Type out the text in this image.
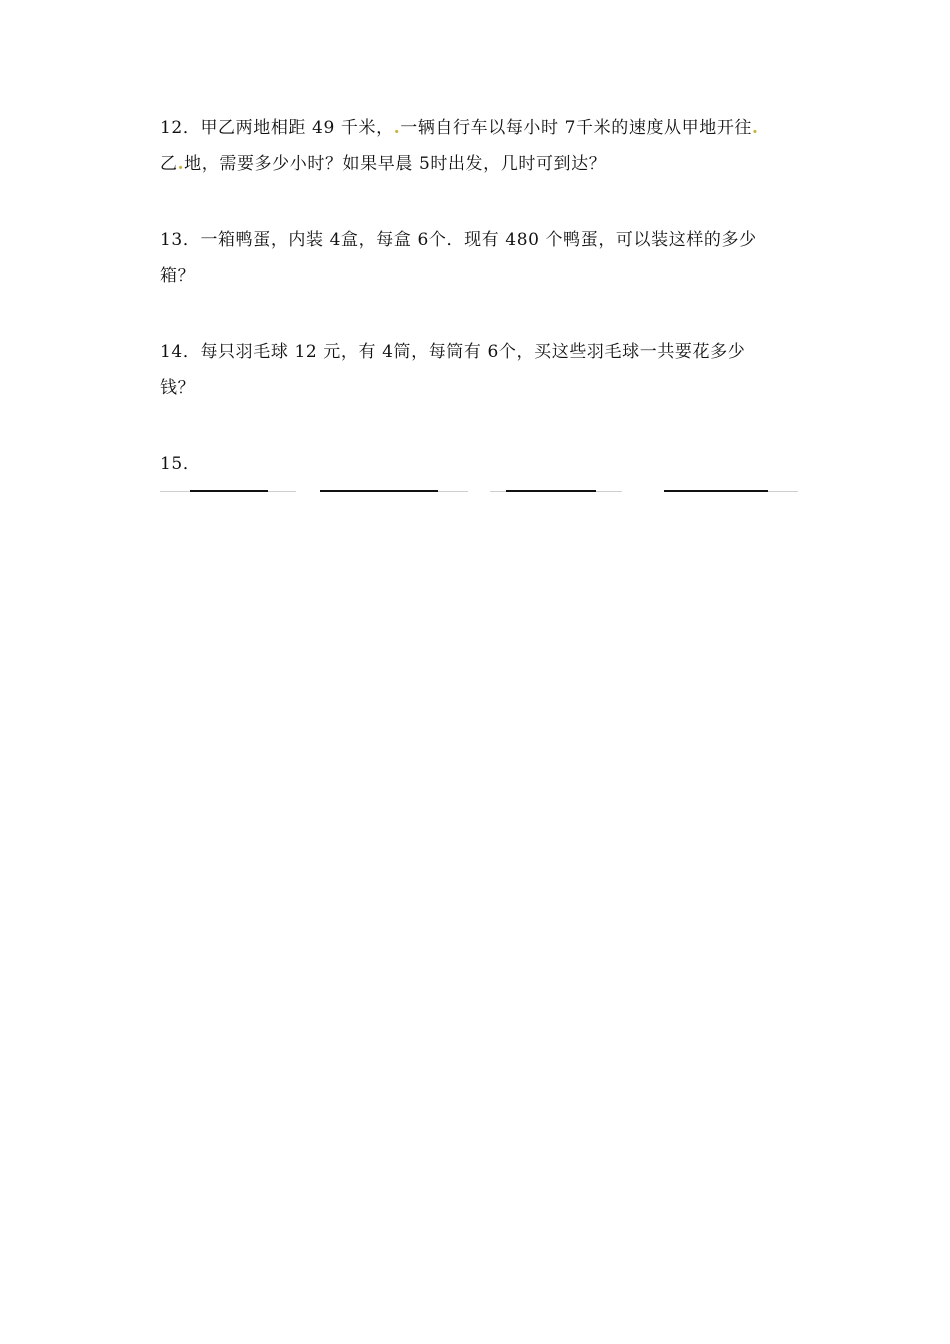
12．甲乙两地相距 49 千米，.一辆自行车以每小时 7千米的速度从甲地开往.
乙.地，需要多少小时？如果早晨 5时出发，几时可到达？
13．一箱鸭蛋，内装 4盒，每盒 6个．现有 480 个鸭蛋，可以装这样的多少
箱？
14．每只羽毛球 12 元，有 4筒，每筒有 6个，买这些羽毛球一共要花多少
钱？
15．
